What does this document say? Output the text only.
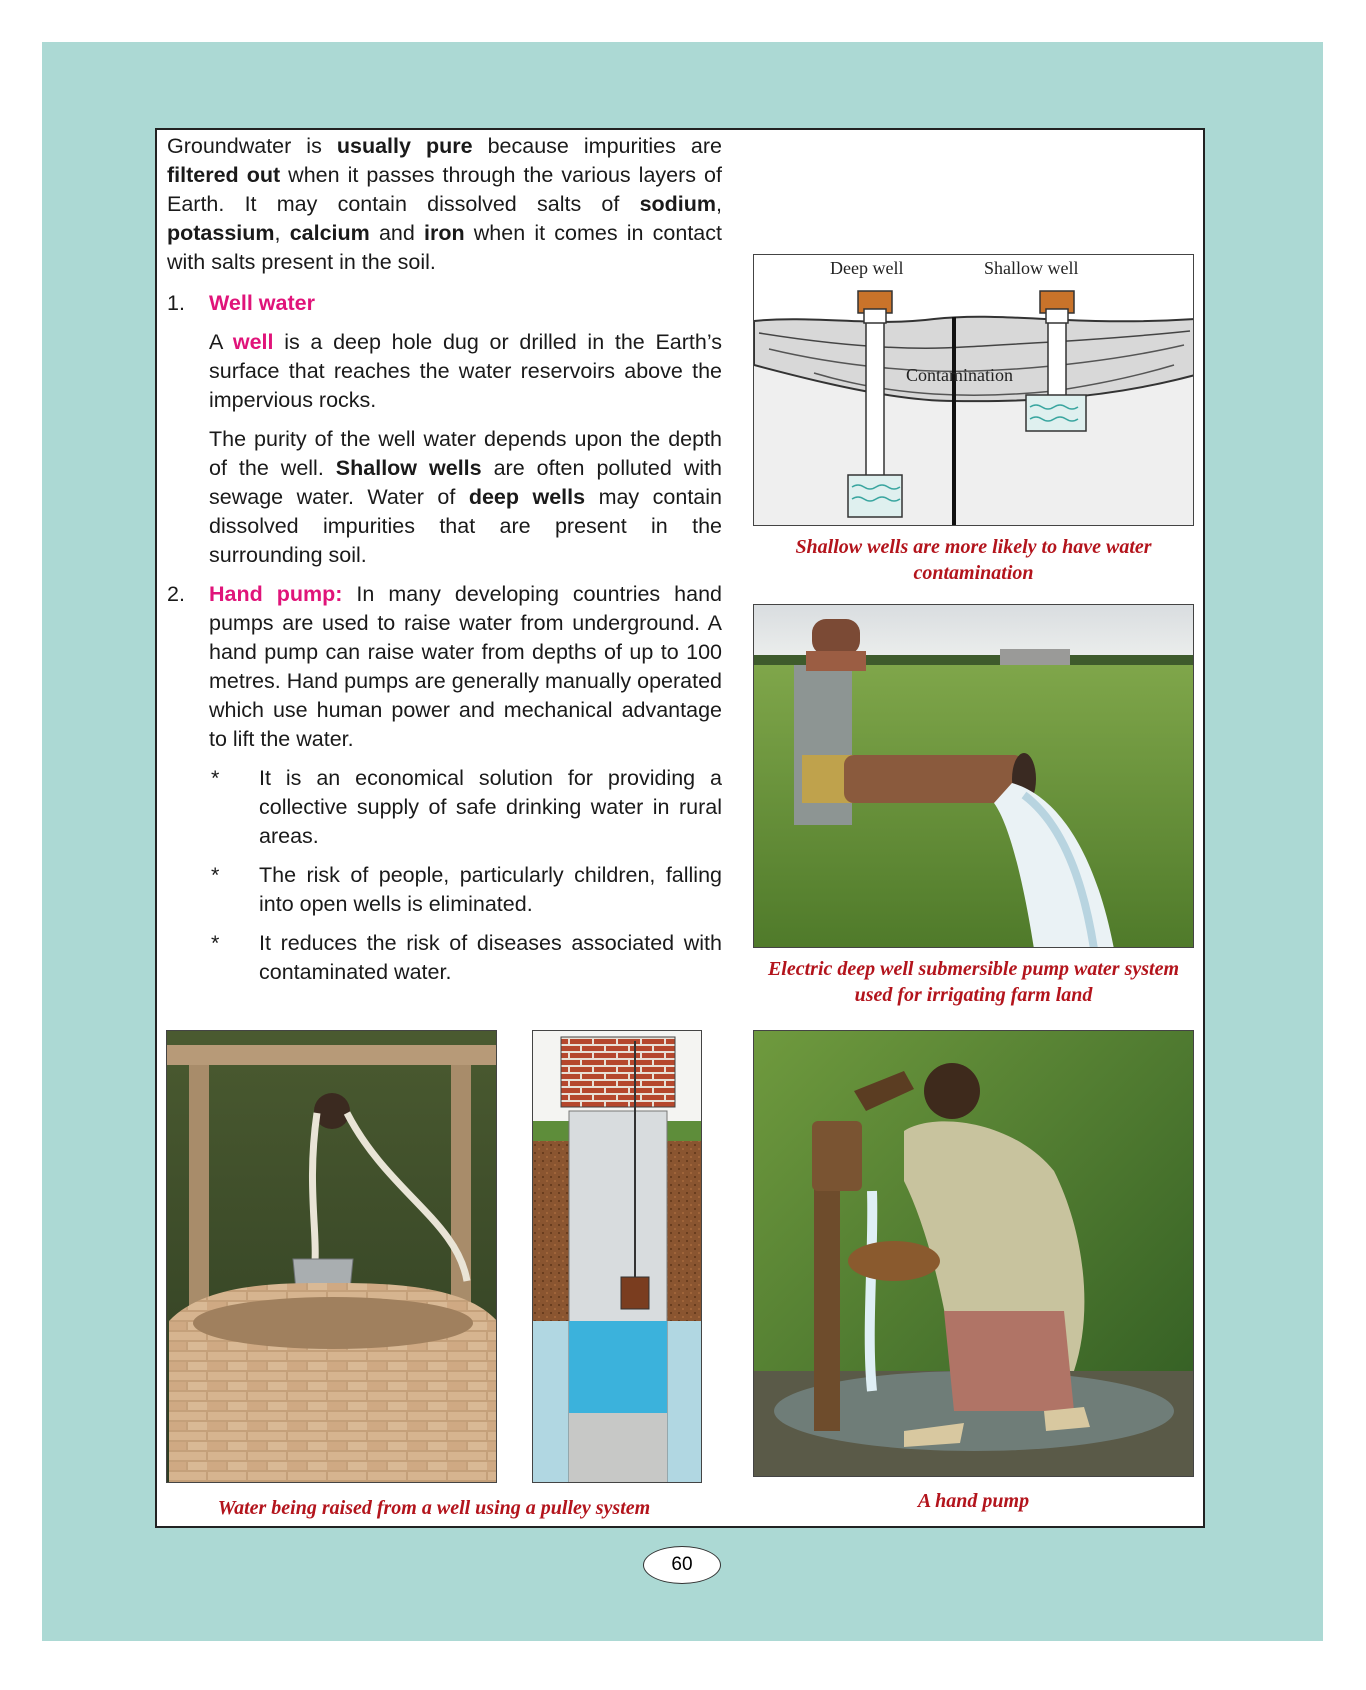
Groundwater is usually pure because impurities are filtered out when it passes through the various layers of Earth. It may contain dissolved salts of sodium, potassium, calcium and iron when it comes in contact with salts present in the soil.
1. Well water

A well is a deep hole dug or drilled in the Earth’s surface that reaches the water reservoirs above the impervious rocks.

The purity of the well water depends upon the depth of the well. Shallow wells are often polluted with sewage water. Water of deep wells may contain dissolved impurities that are present in the surrounding soil.

2. Hand pump: In many developing countries hand pumps are used to raise water from underground. A hand pump can raise water from depths of up to 100 metres. Hand pumps are generally manually operated which use human power and mechanical advantage to lift the water.
* It is an economical solution for providing a collective supply of safe drinking water in rural areas.
* The risk of people, particularly children, falling into open wells is eliminated.
* It reduces the risk of diseases associated with contaminated water.
Deep well	Shallow well
Contamination
Shallow wells are more likely to have water contamination
Electric deep well submersible pump water system used for irrigating farm land
Water being raised from a well using a pulley system	A hand pump
60
